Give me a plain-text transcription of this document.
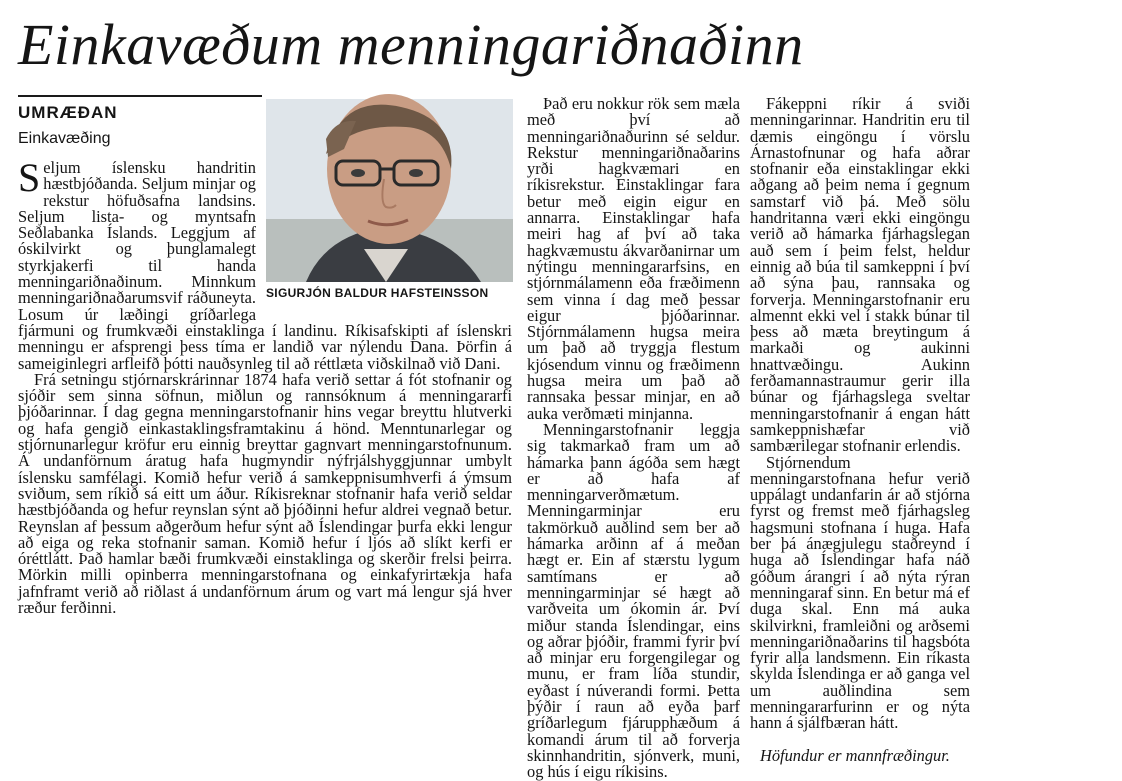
Einkavæðum menningariðnaðinn
UMRÆÐAN
Einkavæðing
SIGURJÓN BALDUR HAFSTEINSSON

Seljum íslensku handritin hæstbjóðanda. Seljum minjar og rekstur höfuðsafna landsins. Seljum lista- og myntsafn Seðlabanka Íslands. Leggjum af óskilvirkt og þunglamalegt styrkjakerfi til handa menningariðnaðinum. Minnkum menningariðnaðarumsvif ráðuneyta. Losum úr læðingi gríðarlega fjármuni og frumkvæði einstaklinga í landinu. Ríkisafskipti af íslenskri menningu er afsprengi þess tíma er landið var nýlendu Dana. Þörfin á sameiginlegri arfleifð þótti nauðsynleg til að réttlæta viðskilnað við Dani.

Frá setningu stjórnarskrárinnar 1874 hafa verið settar á fót stofnanir og sjóðir sem sinna söfnun, miðlun og rannsóknum á menningararfi þjóðarinnar. Í dag gegna menningarstofnanir hins vegar breyttu hlutverki og hafa gengið einkastaklingsframtakinu á hönd. Menntunarlegar og stjórnunarlegur kröfur eru einnig breyttar gagnvart menningarstofnunum. Á undanförnum áratug hafa hugmyndir nýfrjálshyggjunnar umbylt íslensku samfélagi. Komið hefur verið á samkeppnisumhverfi á ýmsum sviðum, sem ríkið sá eitt um áður. Ríkisreknar stofnanir hafa verið seldar hæstbjóðanda og hefur reynslan sýnt að þjóðinni hefur aldrei vegnað betur. Reynslan af þessum aðgerðum hefur sýnt að Íslendingar þurfa ekki lengur að eiga og reka stofnanir saman. Komið hefur í ljós að slíkt kerfi er óréttlátt. Það hamlar bæði frumkvæði einstaklinga og skerðir frelsi þeirra. Mörkin milli opinberra menningarstofnana og einkafyrirtækja hafa jafnframt verið að riðlast á undanförnum árum og vart má lengur sjá hver ræður ferðinni.

Það eru nokkur rök sem mæla með því að menningariðnaðurinn sé seldur. Rekstur menningariðnaðarins yrði hagkvæmari en ríkisrekstur. Einstaklingar fara betur með eigin eigur en annarra. Einstaklingar hafa meiri hag af því að taka hagkvæmustu ákvarðanirnar um nýtingu menningararfsins, en stjórnmálamenn eða fræðimenn sem vinna í dag með þessar eigur þjóðarinnar. Stjórnmálamenn hugsa meira um það að tryggja flestum kjósendum vinnu og fræðimenn hugsa meira um það að rannsaka þessar minjar, en að auka verðmæti minjanna.

Menningarstofnanir leggja sig takmarkað fram um að hámarka þann ágóða sem hægt er að hafa af menningarverðmætum. Menningarminjar eru takmörkuð auðlind sem ber að hámarka arðinn af á meðan hægt er. Ein af stærstu lygum samtímans er að menningarminjar sé hægt að varðveita um ókomin ár. Því miður standa Íslendingar, eins og aðrar þjóðir, frammi fyrir því að minjar eru forgengilegar og munu, er fram líða stundir, eyðast í núverandi formi. Þetta þýðir í raun að eyða þarf gríðarlegum fjárupphæðum á komandi árum til að forverja skinnhandritin, sjónverk, muni, og hús í eigu ríkisins.

Fákeppni ríkir á sviði menningarinnar. Handritin eru til dæmis eingöngu í vörslu Árnastofnunar og hafa aðrar stofnanir eða einstaklingar ekki aðgang að þeim nema í gegnum samstarf við þá. Með sölu handritanna væri ekki eingöngu verið að hámarka fjárhagslegan auð sem í þeim felst, heldur einnig að búa til samkeppni í því að sýna þau, rannsaka og forverja. Menningarstofnanir eru almennt ekki vel í stakk búnar til þess að mæta breytingum á markaði og aukinni hnattvæðingu. Aukinn ferðamannastraumur gerir illa búnar og fjárhagslega sveltar menningarstofnanir á engan hátt samkeppnishæfar við sambærilegar stofnanir erlendis.

Stjórnendum menningarstofnana hefur verið uppálagt undanfarin ár að stjórna fyrst og fremst með fjárhagsleg hagsmuni stofnana í huga. Hafa ber þá ánægjulegu staðreynd í huga að Íslendingar hafa náð góðum árangri í að nýta rýran menningaraf sinn. En betur má ef duga skal. Enn má auka skilvirkni, framleiðni og arðsemi menningariðnaðarins til hagsbóta fyrir alla landsmenn. Ein ríkasta skylda Íslendinga er að ganga vel um auðlindina sem menningararfurinn er og nýta hann á sjálfbæran hátt.

Höfundur er mannfræðingur.
